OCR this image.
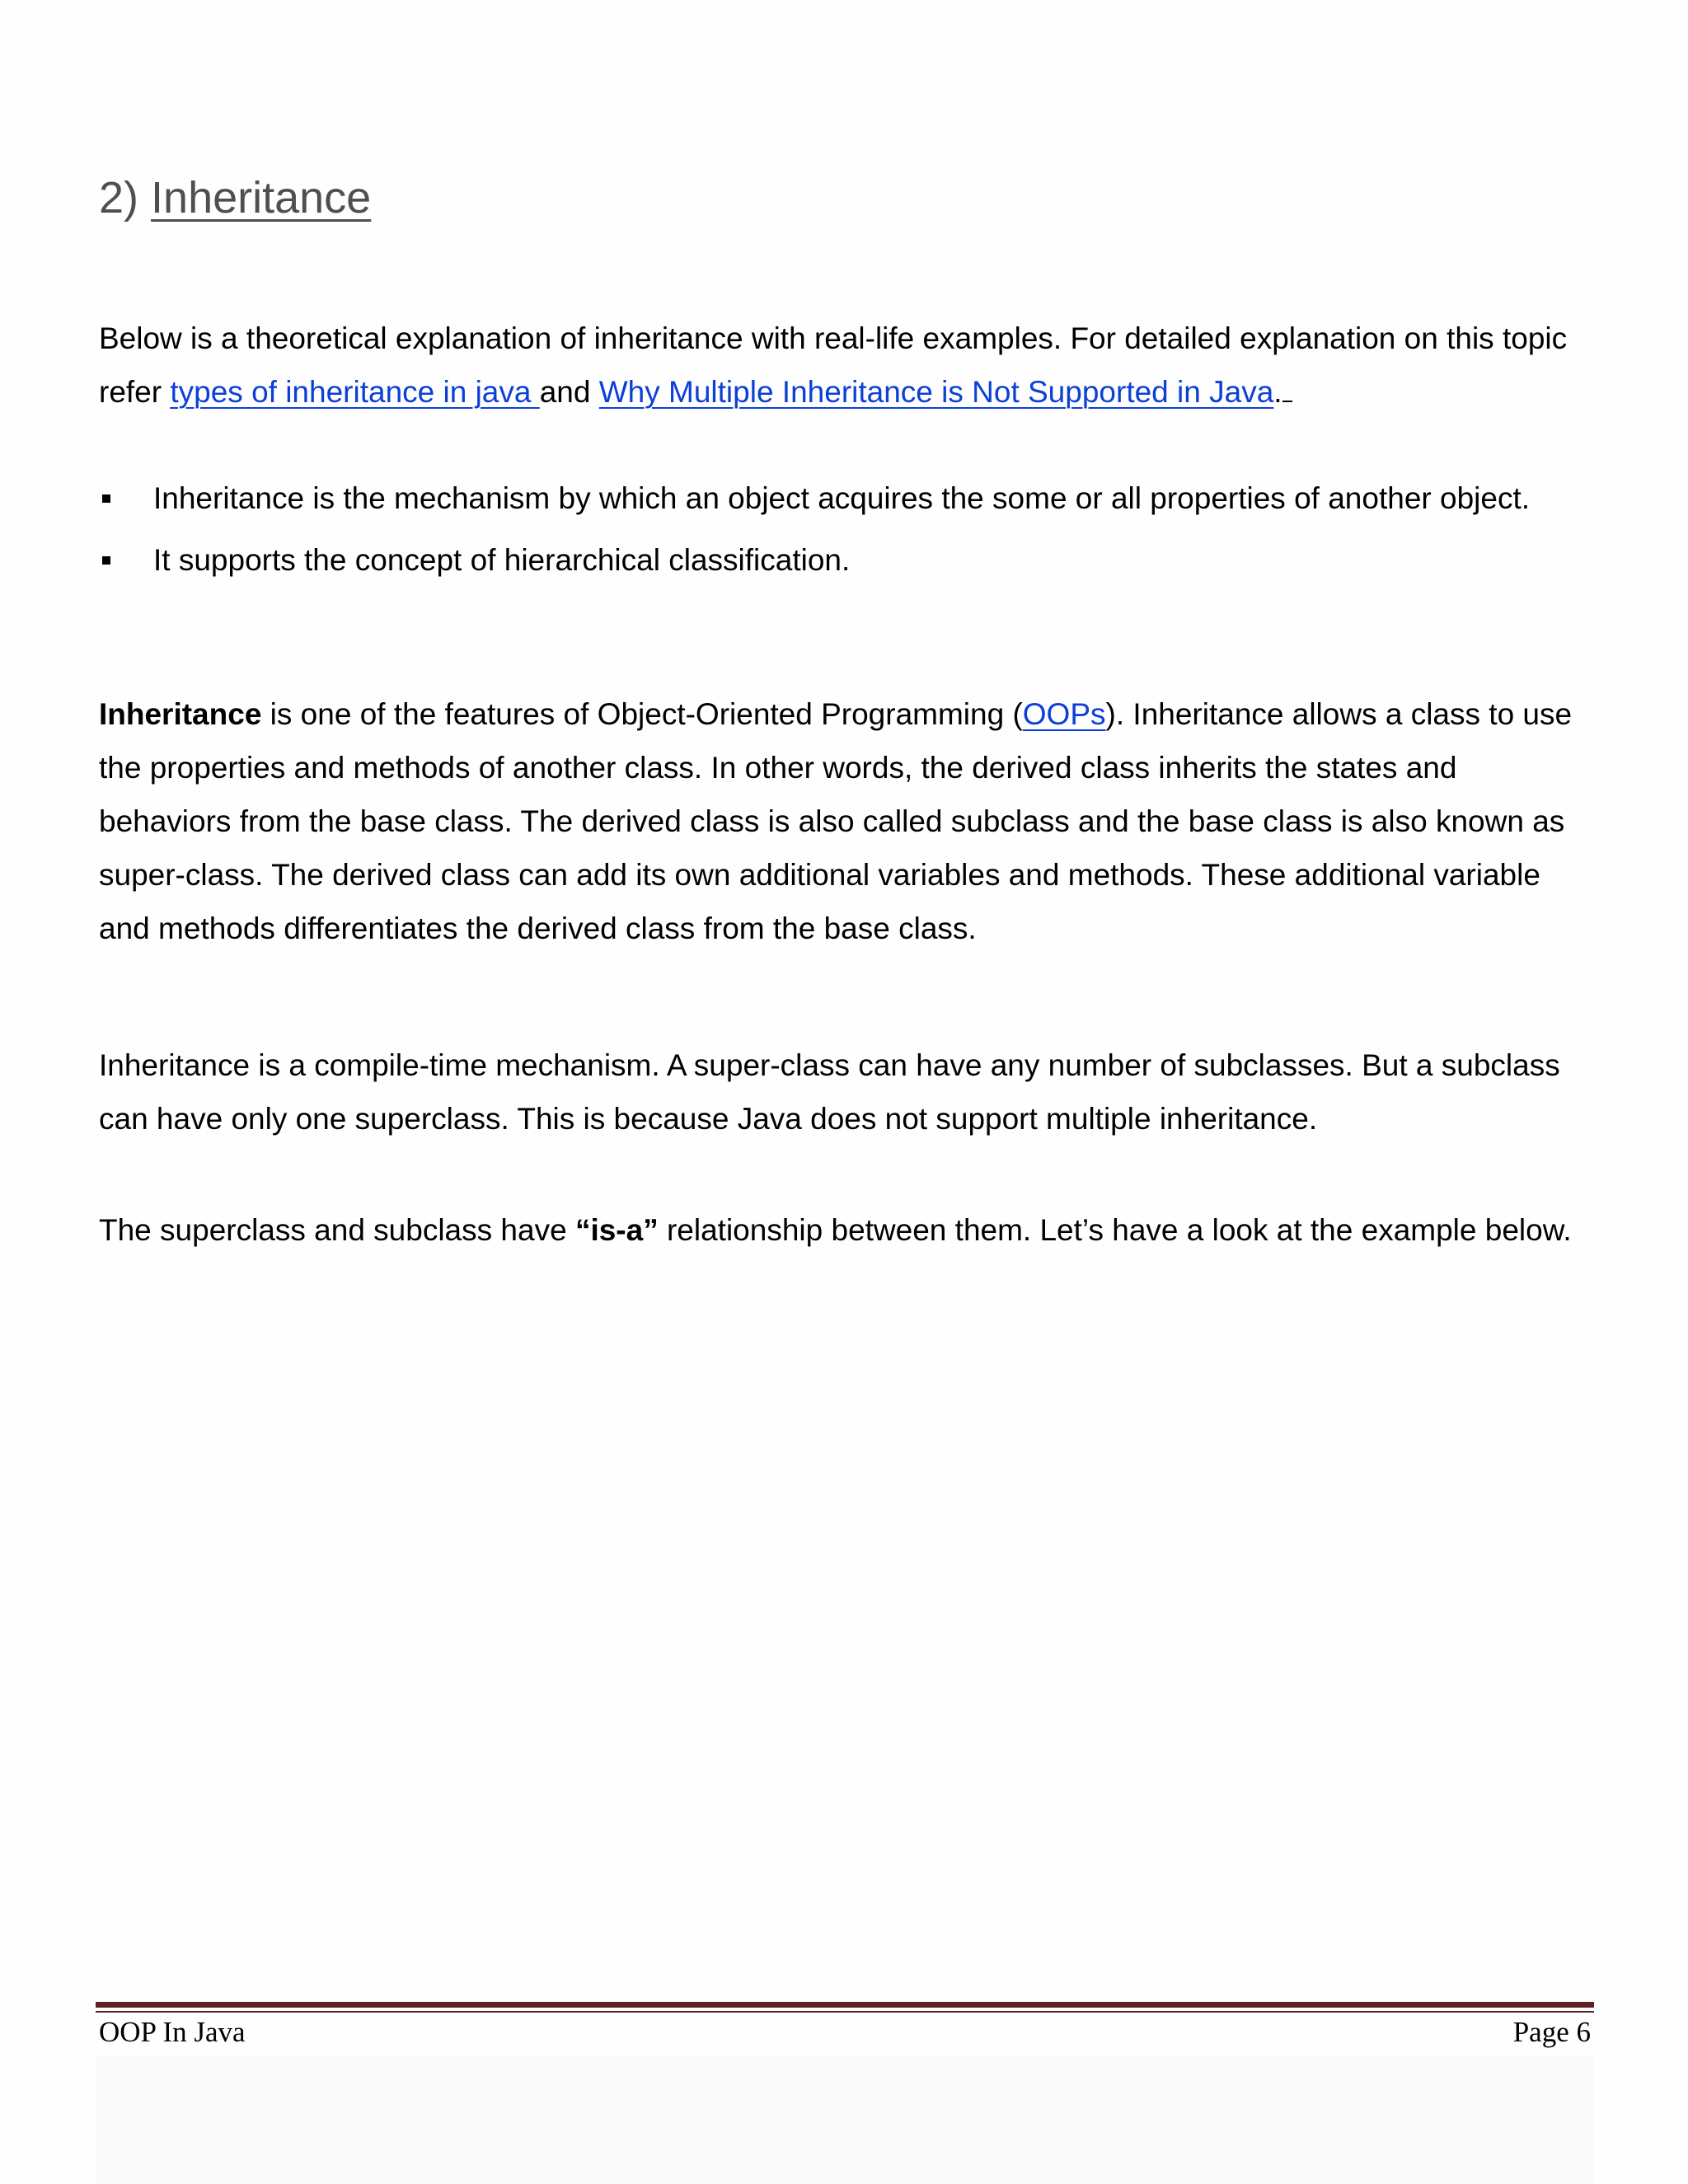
2) Inheritance

Below is a theoretical explanation of inheritance with real-life examples. For detailed explanation on this topic refer types of inheritance in java and Why Multiple Inheritance is Not Supported in Java.

Inheritance is the mechanism by which an object acquires the some or all properties of another object.
It supports the concept of hierarchical classification.

Inheritance is one of the features of Object-Oriented Programming (OOPs). Inheritance allows a class to use the properties and methods of another class. In other words, the derived class inherits the states and behaviors from the base class. The derived class is also called subclass and the base class is also known as super-class. The derived class can add its own additional variables and methods. These additional variable and methods differentiates the derived class from the base class.

Inheritance is a compile-time mechanism. A super-class can have any number of subclasses. But a subclass can have only one superclass. This is because Java does not support multiple inheritance.

The superclass and subclass have “is-a” relationship between them. Let’s have a look at the example below.

OOP In Java	Page 6
